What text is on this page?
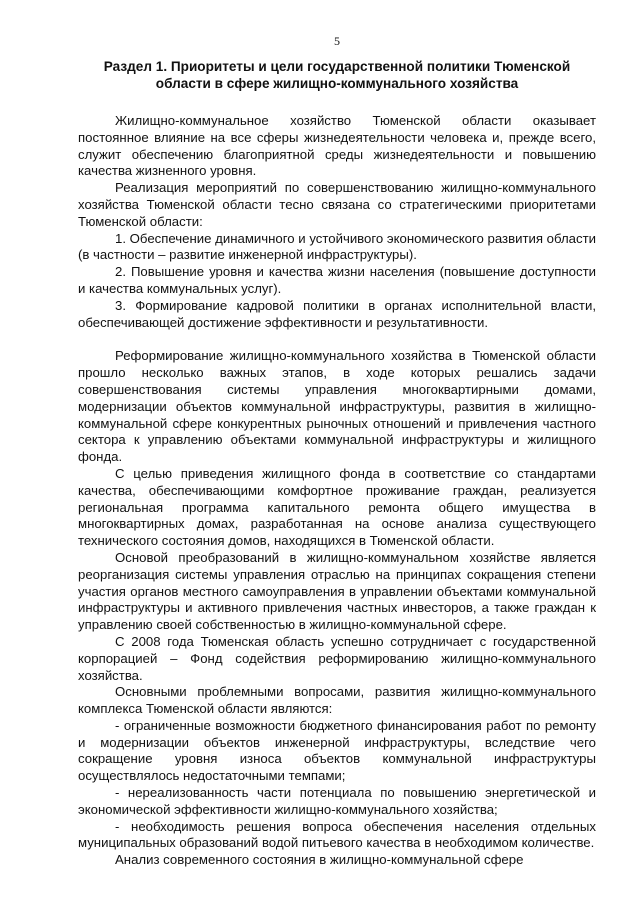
5
Раздел 1. Приоритеты и цели государственной политики Тюменской области в сфере жилищно-коммунального хозяйства

Жилищно-коммунальное хозяйство Тюменской области оказывает постоянное влияние на все сферы жизнедеятельности человека и, прежде всего, служит обеспечению благоприятной среды жизнедеятельности и повышению качества жизненного уровня.

Реализация мероприятий по совершенствованию жилищно-коммунального хозяйства Тюменской области тесно связана со стратегическими приоритетами Тюменской области:

1. Обеспечение динамичного и устойчивого экономического развития области (в частности – развитие инженерной инфраструктуры).

2. Повышение уровня и качества жизни населения (повышение доступности и качества коммунальных услуг).

3. Формирование кадровой политики в органах исполнительной власти, обеспечивающей достижение эффективности и результативности.

Реформирование жилищно-коммунального хозяйства в Тюменской области прошло несколько важных этапов, в ходе которых решались задачи совершенствования системы управления многоквартирными домами, модернизации объектов коммунальной инфраструктуры, развития в жилищно-коммунальной сфере конкурентных рыночных отношений и привлечения частного сектора к управлению объектами коммунальной инфраструктуры и жилищного фонда.

С целью приведения жилищного фонда в соответствие со стандартами качества, обеспечивающими комфортное проживание граждан, реализуется региональная программа капитального ремонта общего имущества в многоквартирных домах, разработанная на основе анализа существующего технического состояния домов, находящихся в Тюменской области.

Основой преобразований в жилищно-коммунальном хозяйстве является реорганизация системы управления отраслью на принципах сокращения степени участия органов местного самоуправления в управлении объектами коммунальной инфраструктуры и активного привлечения частных инвесторов, а также граждан к управлению своей собственностью в жилищно-коммунальной сфере.

С 2008 года Тюменская область успешно сотрудничает с государственной корпорацией – Фонд содействия реформированию жилищно-коммунального хозяйства.

Основными проблемными вопросами, развития жилищно-коммунального комплекса Тюменской области являются:

- ограниченные возможности бюджетного финансирования работ по ремонту и модернизации объектов инженерной инфраструктуры, вследствие чего сокращение уровня износа объектов коммунальной инфраструктуры осуществлялось недостаточными темпами;

- нереализованность части потенциала по повышению энергетической и экономической эффективности жилищно-коммунального хозяйства;

- необходимость решения вопроса обеспечения населения отдельных муниципальных образований водой питьевого качества в необходимом количестве.

Анализ современного состояния в жилищно-коммунальной сфере
